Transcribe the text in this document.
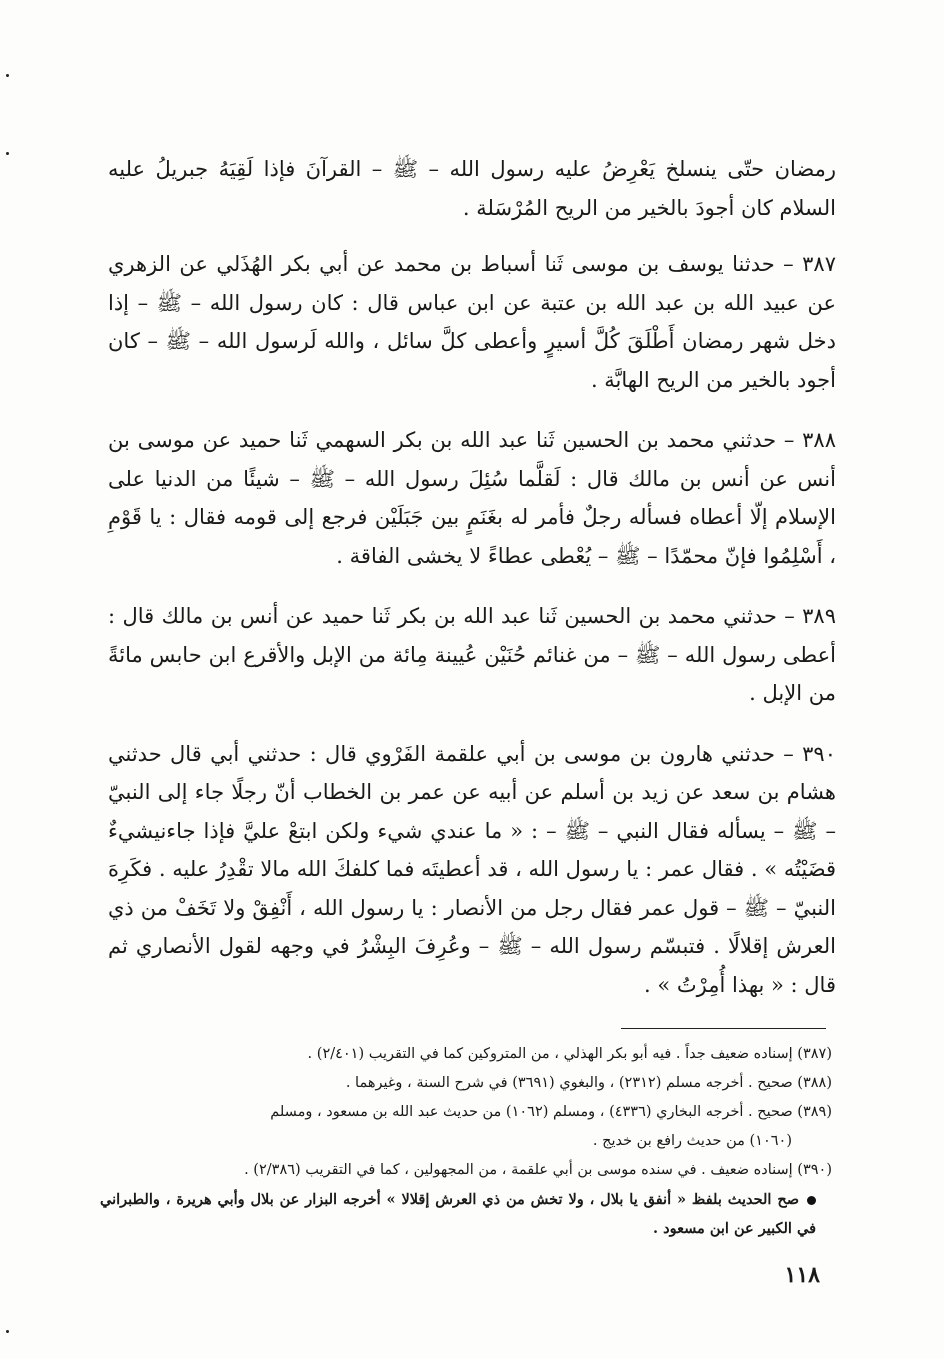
رمضان حتّى ينسلخ يَعْرِضُ عليه رسول الله – ﷺ – القرآنَ فإذا لَقِيَهُ جبريلُ عليه السلام كان أجودَ بالخير من الريح المُرْسَلة .

٣٨٧ – حدثنا يوسف بن موسى ثَنا أسباط بن محمد عن أبي بكر الهُذَلي عن الزهري عن عبيد الله بن عبد الله بن عتبة عن ابن عباس قال : كان رسول الله – ﷺ – إذا دخل شهر رمضان أَطْلَقَ كُلَّ أسيرٍ وأعطى كلَّ سائل ، والله لَرسول الله – ﷺ – كان أجود بالخير من الريح الهابَّة .

٣٨٨ – حدثني محمد بن الحسين ثَنا عبد الله بن بكر السهمي ثَنا حميد عن موسى بن أنس عن أنس بن مالك قال : لَقلَّما سُئِلَ رسول الله – ﷺ – شيئًا من الدنيا على الإسلام إلّا أعطاه فسأله رجلٌ فأمر له بغَنَمٍ بين جَبَلَيْن فرجع إلى قومه فقال : يا قَوْمِ ، أَسْلِمُوا فإنّ محمّدًا – ﷺ – يُعْطى عطاءً لا يخشى الفاقة .

٣٨٩ – حدثني محمد بن الحسين ثَنا عبد الله بن بكر ثَنا حميد عن أنس بن مالك قال : أعطى رسول الله – ﷺ – من غنائم حُنَيْن عُيينة مِائة من الإبل والأقرع ابن حابس مائةً من الإبل .

٣٩٠ – حدثني هارون بن موسى بن أبي علقمة الفَرْوي قال : حدثني أبي قال حدثني هشام بن سعد عن زيد بن أسلم عن أبيه عن عمر بن الخطاب أنّ رجلًا جاء إلى النبيّ – ﷺ – يسأله فقال النبي – ﷺ – : « ما عندي شيء ولكن ابتعْ عليَّ فإذا جاءنيشيءٌ قضَيْتُه » . فقال عمر : يا رسول الله ، قد أعطيتَه فما كلفكَ الله مالا تقْدِرُ عليه . فكَرِهَ النبيّ – ﷺ – قول عمر فقال رجل من الأنصار : يا رسول الله ، أَنْفِقْ ولا تَخَفْ من ذي العرش إقلالًا . فتبسّم رسول الله – ﷺ – وعُرِفَ البِشْرُ في وجهه لقول الأنصاري ثم قال : « بهذا أُمِرْتُ » .

(٣٨٧) إسناده ضعيف جداً . فيه أبو بكر الهذلي ، من المتروكين كما في التقريب (٢/٤٠١) .

(٣٨٨) صحيح . أخرجه مسلم (٢٣١٢) ، والبغوي (٣٦٩١) في شرح السنة ، وغيرهما .

(٣٨٩) صحيح . أخرجه البخاري (٤٣٣٦) ، ومسلم (١٠٦٢) من حديث عبد الله بن مسعود ، ومسلم

(١٠٦٠) من حديث رافع بن خديج .

(٣٩٠) إسناده ضعيف . في سنده موسى بن أبي علقمة ، من المجهولين ، كما في التقريب (٢/٣٨٦) .

صح الحديث بلفظ « أنفق يا بلال ، ولا تخش من ذي العرش إقلالا » أخرجه البزار عن بلال وأبي هريرة ، والطبراني في الكبير عن ابن مسعود .

١١٨
